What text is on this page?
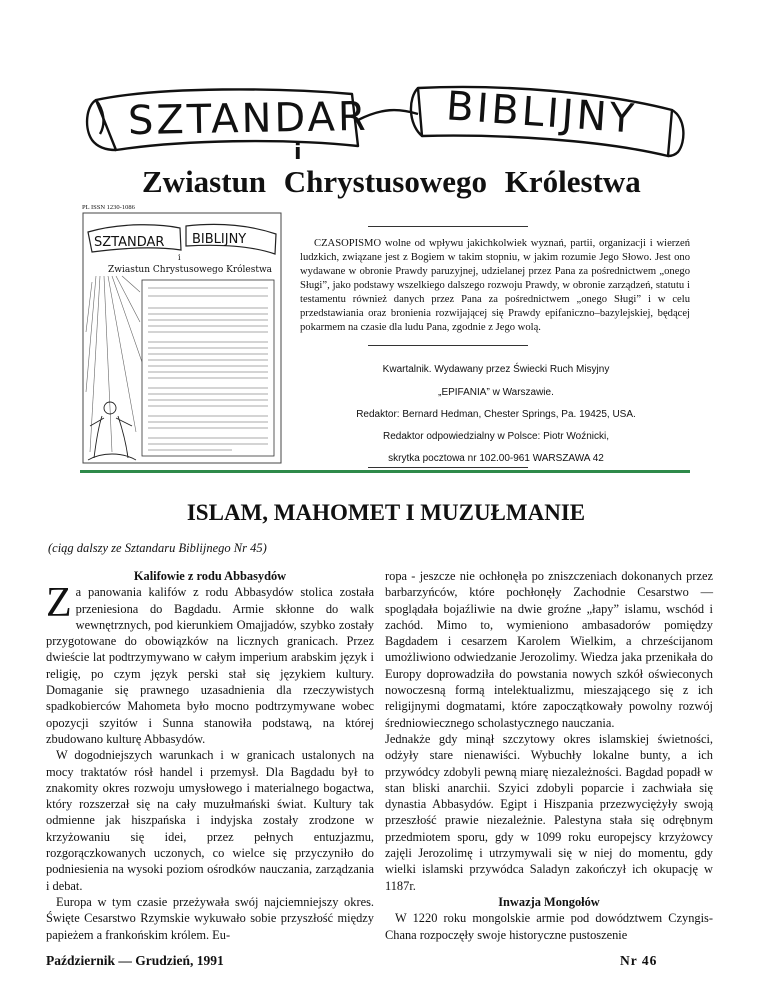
SZTANDAR BIBLIJNY
i
Zwiastun Chrystusowego Królestwa
PL ISSN 1230-1086
SZTANDAR BIBLIJNY
i
Zwiastun Chrystusowego Królestwa

CZASOPISMO wolne od wpływu jakichkolwiek wyznań, partii, organizacji i wierzeń ludzkich, związane jest z Bogiem w takim stopniu, w jakim rozumie Jego Słowo. Jest ono wydawane w obronie Prawdy paruzyjnej, udzielanej przez Pana za pośrednictwem „onego Sługi”, jako podstawy wszelkiego dalszego rozwoju Prawdy, w obronie zarządzeń, statutu i testamentu również danych przez Pana za pośrednictwem „onego Sługi” i w celu przedstawiania oraz bronienia rozwijającej się Prawdy epifaniczno–bazylejskiej, będącej pokarmem na czasie dla ludu Pana, zgodnie z Jego wolą.

Kwartalnik. Wydawany przez Świecki Ruch Misyjny
„EPIFANIA” w Warszawie.
Redaktor: Bernard Hedman, Chester Springs, Pa. 19425, USA.
Redaktor odpowiedzialny w Polsce: Piotr Woźnicki,
skrytka pocztowa nr 102.00-961 WARSZAWA 42
ISLAM, MAHOMET I MUZUŁMANIE
(ciąg dalszy ze Sztandaru Biblijnego Nr 45)

Kalifowie z rodu Abbasydów

Za panowania kalifów z rodu Abbasydów stolica została przeniesiona do Bagdadu. Armie skłonne do walk wewnętrznych, pod kierunkiem Omajjadów, szybko zostały przygotowane do obowiązków na licznych granicach. Przez dwieście lat podtrzymywano w całym imperium arabskim język i religię, po czym język perski stał się językiem kultury. Domaganie się prawnego uzasadnienia dla rzeczywistych spadkobierców Mahometa było mocno podtrzymywane wobec opozycji szyitów i Sunna stanowiła podstawą, na której zbudowano kulturę Abbasydów.

W dogodniejszych warunkach i w granicach ustalonych na mocy traktatów rósł handel i przemysł. Dla Bagdadu był to znakomity okres rozwoju umysłowego i materialnego bogactwa, który rozszerzał się na cały muzułmański świat. Kultury tak odmienne jak hiszpańska i indyjska zostały zrodzone w krzyżowaniu się idei, przez pełnych entuzjazmu, rozgorączkowanych uczonych, co wielce się przyczyniło do podniesienia na wysoki poziom ośrodków nauczania, zarządzania i debat.

Europa w tym czasie przeżywała swój najciemniejszy okres. Święte Cesarstwo Rzymskie wykuwało sobie przyszłość między papieżem a frankońskim królem. Eu-

ropa - jeszcze nie ochłonęła po zniszczeniach dokonanych przez barbarzyńców, które pochłonęły Zachodnie Cesarstwo — spoglądała bojaźliwie na dwie groźne „łapy” islamu, wschód i zachód. Mimo to, wymieniono ambasadorów pomiędzy Bagdadem i cesarzem Karolem Wielkim, a chrześcijanom umożliwiono odwiedzanie Jerozolimy. Wiedza jaka przenikała do Europy doprowadziła do powstania nowych szkół oświeconych nowoczesną formą intelektualizmu, mieszającego się z ich religijnymi dogmatami, które zapoczątkowały powolny rozwój średniowiecznego scholastycznego nauczania.

Jednakże gdy minął szczytowy okres islamskiej świetności, odżyły stare nienawiści. Wybuchły lokalne bunty, a ich przywódcy zdobyli pewną miarę niezależności. Bagdad popadł w stan bliski anarchii. Szyici zdobyli poparcie i zachwiała się dynastia Abbasydów. Egipt i Hiszpania przezwyciężyły swoją przeszłość prawie niezależnie. Palestyna stała się odrębnym przedmiotem sporu, gdy w 1099 roku europejscy krzyżowcy zajęli Jerozolimę i utrzymywali się w niej do momentu, gdy wielki islamski przywódca Saladyn zakończył ich okupację w 1187r.

Inwazja Mongołów

W 1220 roku mongolskie armie pod dowództwem Czyngis-Chana rozpoczęły swoje historyczne pustoszenie

Październik — Grudzień, 1991	Nr 46
